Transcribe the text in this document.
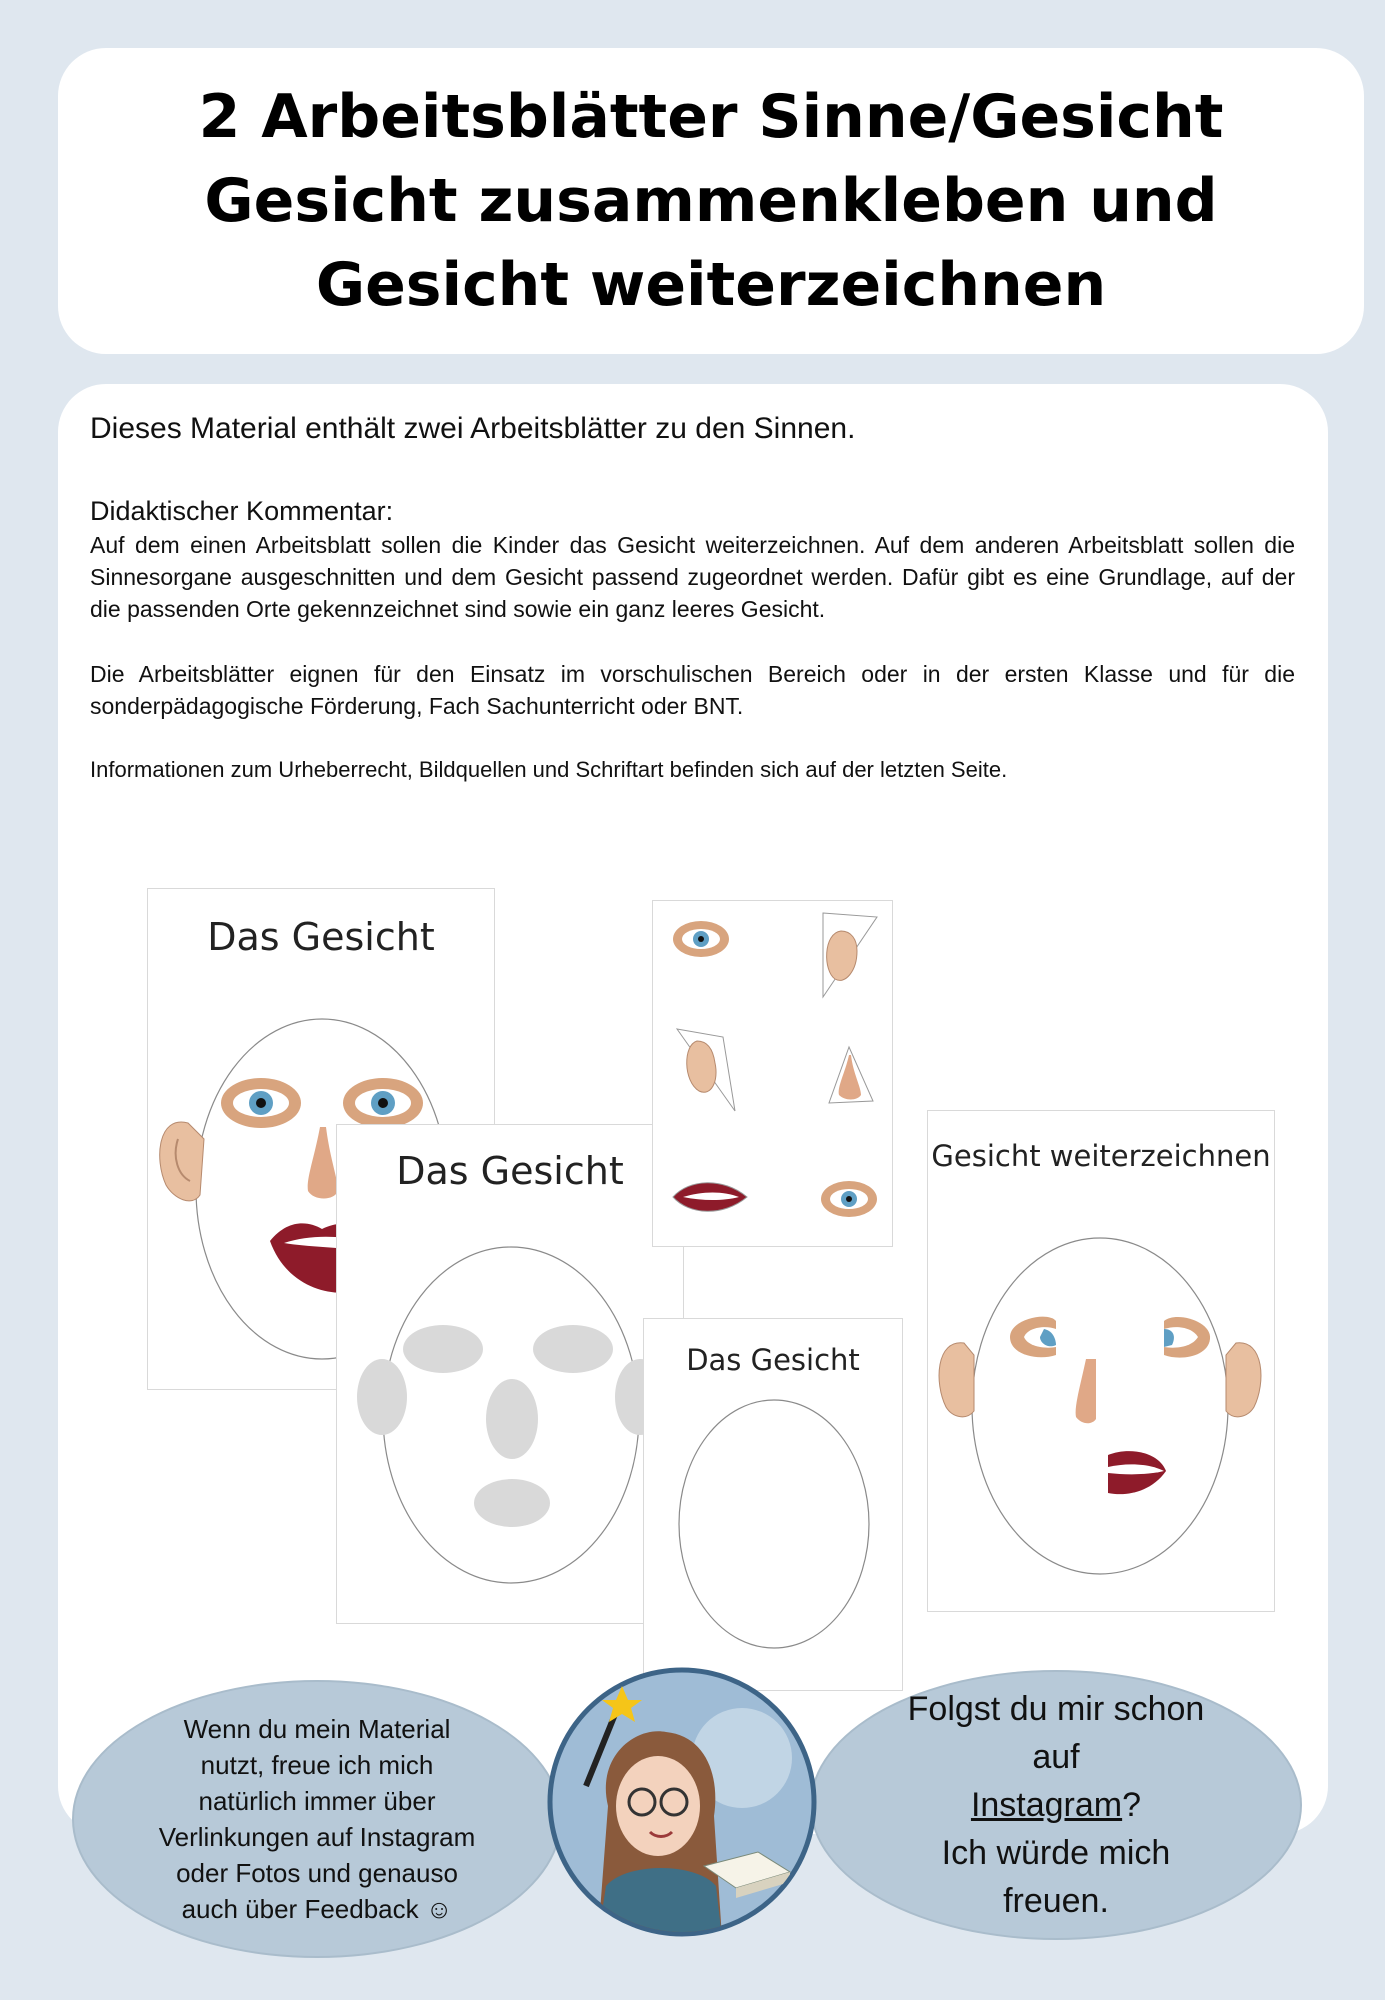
2 Arbeitsblätter Sinne/Gesicht
Gesicht zusammenkleben und
Gesicht weiterzeichnen
Dieses Material enthält zwei Arbeitsblätter zu den Sinnen.
Didaktischer Kommentar:
Auf dem einen Arbeitsblatt sollen die Kinder das Gesicht weiterzeichnen. Auf dem anderen Arbeitsblatt sollen die Sinnesorgane ausgeschnitten und dem Gesicht passend zugeordnet werden. Dafür gibt es eine Grundlage, auf der die passenden Orte gekennzeichnet sind sowie ein ganz leeres Gesicht.
Die Arbeitsblätter eignen für den Einsatz im vorschulischen Bereich oder in der ersten Klasse und für die sonderpädagogische Förderung, Fach Sachunterricht oder BNT.
Informationen zum Urheberrecht, Bildquellen und Schriftart befinden sich auf der letzten Seite.
Das Gesicht
Das Gesicht
Das Gesicht
Gesicht weiterzeichnen
Wenn du mein Material nutzt, freue ich mich natürlich immer über Verlinkungen auf Instagram oder Fotos und genauso auch über Feedback ☺
Folgst du mir schon auf
Instagram?
Ich würde mich freuen.
